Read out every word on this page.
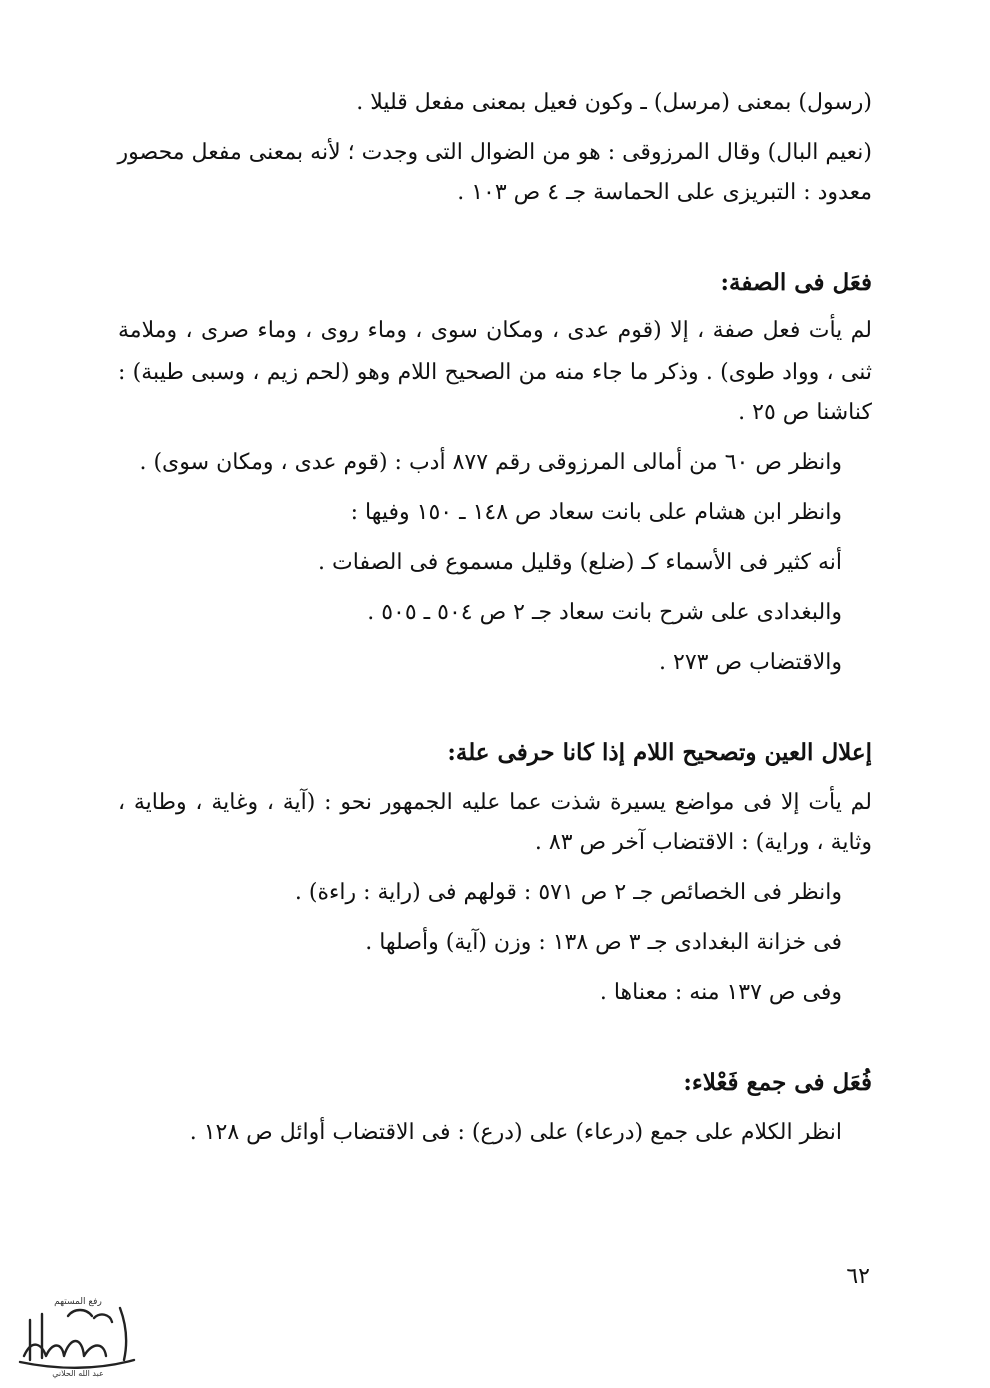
(رسول) بمعنى (مرسل) ـ وكون فعيل بمعنى مفعل قليلا .
(نعيم البال) وقال المرزوقى : هو من الضوال التى وجدت ؛ لأنه بمعنى مفعل محصور
معدود : التبريزى على الحماسة جـ ٤ ص ١٠٣ .
فعَل فى الصفة:
لم يأت فعل صفة ، إلا (قوم عدى ، ومكان سوى ، وماء روى ، وماء صرى ، وملامة
ثنى ، وواد طوى) . وذكر ما جاء منه من الصحيح اللام وهو (لحم زيم ، وسبى طيبة) :
كناشنا ص ٢٥ .
وانظر ص ٦٠ من أمالى المرزوقى رقم ٨٧٧ أدب : (قوم عدى ، ومكان سوى) .
وانظر ابن هشام على بانت سعاد ص ١٤٨ ـ ١٥٠ وفيها :
أنه كثير فى الأسماء كـ (ضلع) وقليل مسموع فى الصفات .
والبغدادى على شرح بانت سعاد جـ ٢ ص ٥٠٤ ـ ٥٠٥ .
والاقتضاب ص ٢٧٣ .
إعلال العين وتصحيح اللام إذا كانا حرفى علة:
لم يأت إلا فى مواضع يسيرة شذت عما عليه الجمهور نحو : (آية ، وغاية ، وطاية ،
وثاية ، وراية) : الاقتضاب آخر ص ٨٣ .
وانظر فى الخصائص جـ ٢ ص ٥٧١ : قولهم فى (راية : راءة) .
فى خزانة البغدادى جـ ٣ ص ١٣٨ : وزن (آية) وأصلها .
وفى ص ١٣٧ منه : معناها .
فُعَل فى جمع فَعْلاء:
انظر الكلام على جمع (درعاء) على (درع) : فى الاقتضاب أوائل ص ١٢٨ .
٦٢
عبد الله الحلاني
رفع المستهم
